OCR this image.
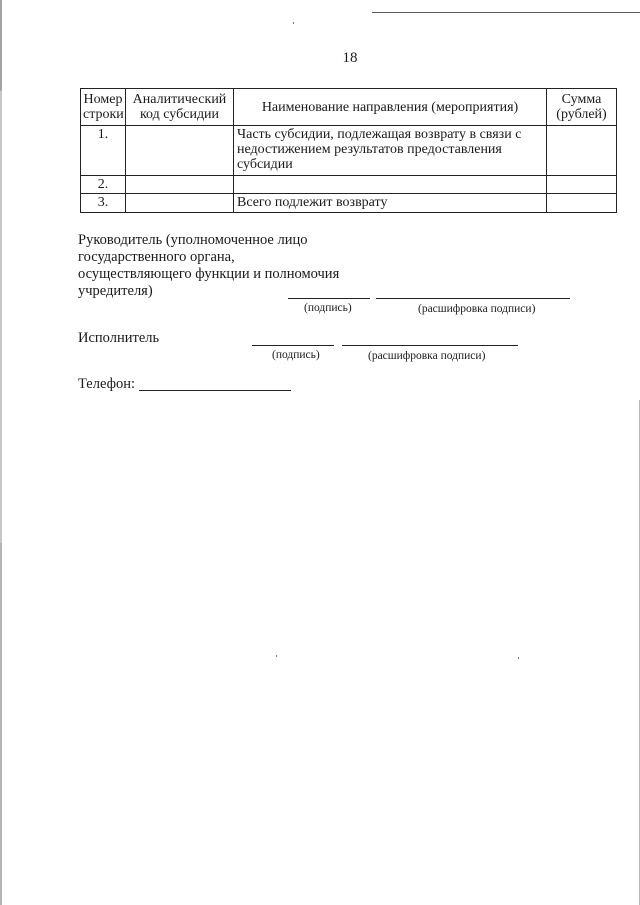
18
Номер строки	Аналитический код субсидии	Наименование направления (мероприятия)	Сумма (рублей)
1.		Часть субсидии, подлежащая возврату в связи с недостижением результатов предоставления субсидии	
2.			
3.		Всего подлежит возврату	
Руководитель (уполномоченное лицо государственного органа, осуществляющего функции и полномочия учредителя)
(подпись)	(расшифровка подписи)
Исполнитель
(подпись)	(расшифровка подписи)
Телефон:
